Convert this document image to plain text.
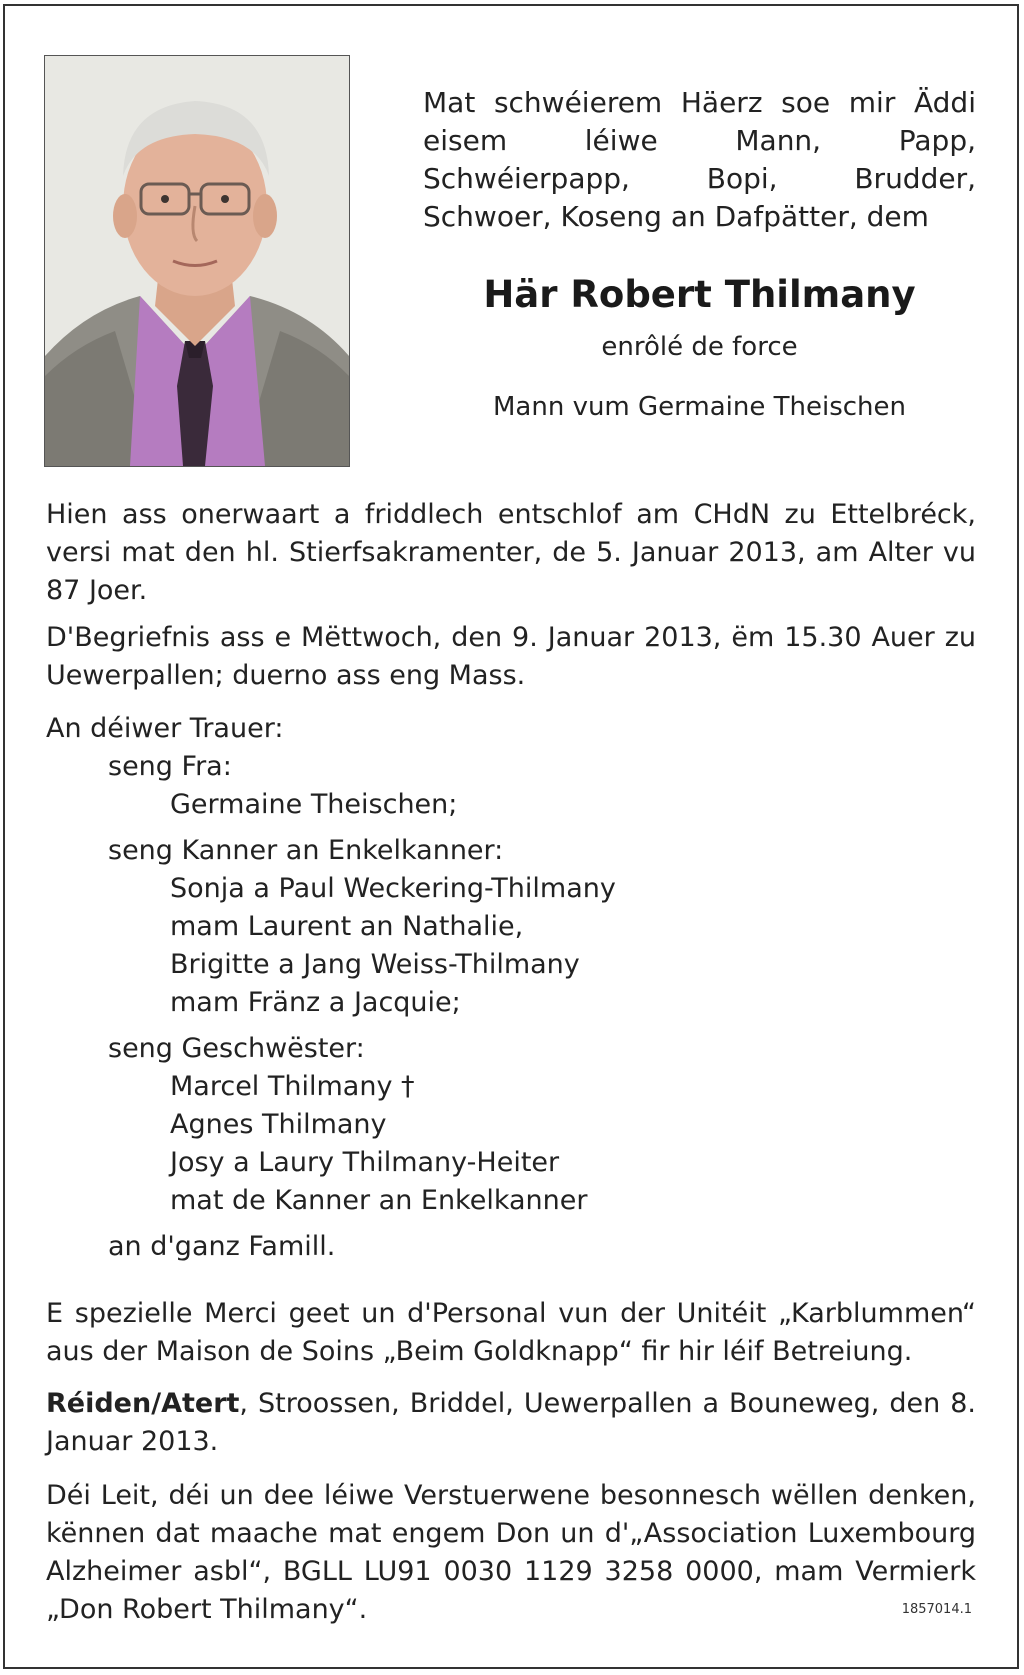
Mat schwéierem Häerz soe mir Äddi eisem léiwe Mann, Papp, Schwéierpapp, Bopi, Brudder, Schwoer, Koseng an Dafpätter, dem
Här Robert Thilmany
enrôlé de force
Mann vum Germaine Theischen
Hien ass onerwaart a friddlech entschlof am CHdN zu Ettelbréck, versi mat den hl. Stierfsakramenter, de 5. Januar 2013, am Alter vu 87 Joer.
D'Begriefnis ass e Mëttwoch, den 9. Januar 2013, ëm 15.30 Auer zu Uewerpallen; duerno ass eng Mass.
An déiwer Trauer:
seng Fra:
Germaine Theischen;
seng Kanner an Enkelkanner:
Sonja a Paul Weckering-Thilmany
mam Laurent an Nathalie,
Brigitte a Jang Weiss-Thilmany
mam Fränz a Jacquie;
seng Geschwëster:
Marcel Thilmany †
Agnes Thilmany
Josy a Laury Thilmany-Heiter
mat de Kanner an Enkelkanner
an d'ganz Famill.
E spezielle Merci geet un d'Personal vun der Unitéit „Karblummen“ aus der Maison de Soins „Beim Goldknapp“ fir hir léif Betreiung.
Réiden/Atert, Stroossen, Briddel, Uewerpallen a Bouneweg, den 8. Januar 2013.
Déi Leit, déi un dee léiwe Verstuerwene besonnesch wëllen denken, kënnen dat maache mat engem Don un d'„Association Luxembourg Alzheimer asbl“, BGLL LU91 0030 1129 3258 0000, mam Vermierk „Don Robert Thilmany“.	1857014.1
